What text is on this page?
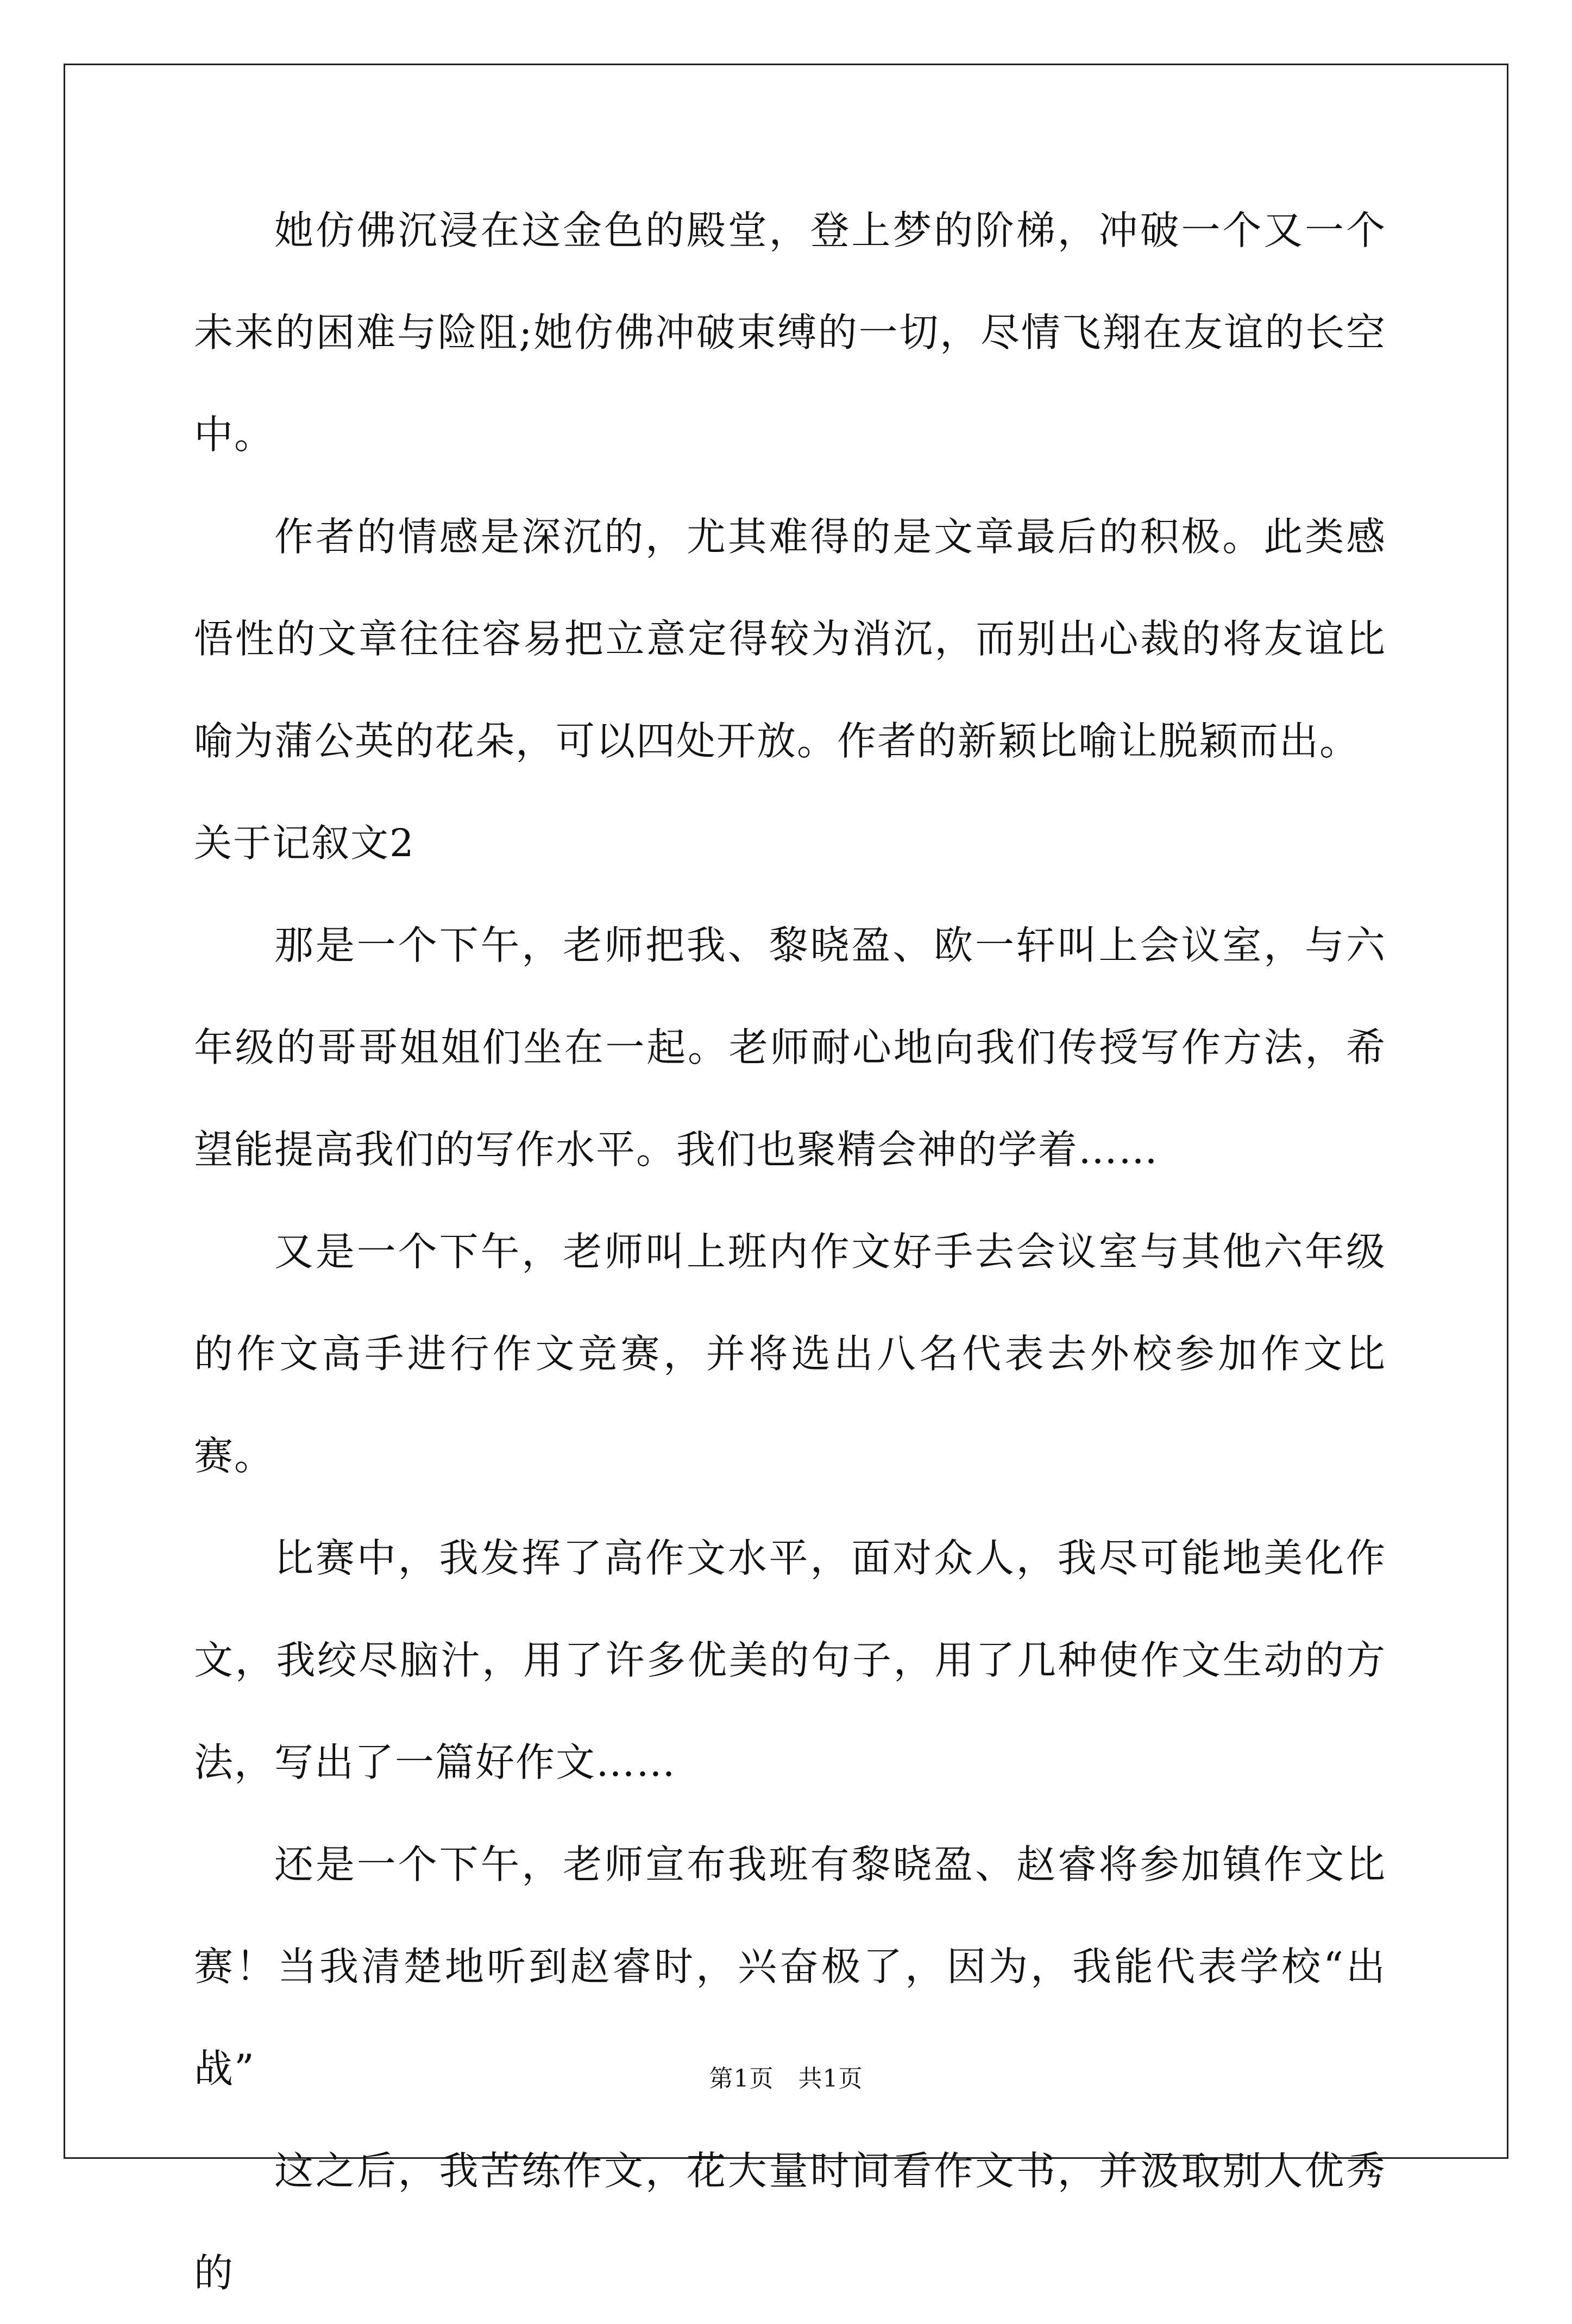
她仿佛沉浸在这金色的殿堂，登上梦的阶梯，冲破一个又一个未来的困难与险阻;她仿佛冲破束缚的一切，尽情飞翔在友谊的长空中。

作者的情感是深沉的，尤其难得的是文章最后的积极。此类感悟性的文章往往容易把立意定得较为消沉，而别出心裁的将友谊比喻为蒲公英的花朵，可以四处开放。作者的新颖比喻让脱颖而出。

关于记叙文2

那是一个下午，老师把我、黎晓盈、欧一轩叫上会议室，与六年级的哥哥姐姐们坐在一起。老师耐心地向我们传授写作方法，希望能提高我们的写作水平。我们也聚精会神的学着……

又是一个下午，老师叫上班内作文好手去会议室与其他六年级的作文高手进行作文竞赛，并将选出八名代表去外校参加作文比赛。

比赛中，我发挥了高作文水平，面对众人，我尽可能地美化作文，我绞尽脑汁，用了许多优美的句子，用了几种使作文生动的方法，写出了一篇好作文……

还是一个下午，老师宣布我班有黎晓盈、赵睿将参加镇作文比赛！当我清楚地听到赵睿时，兴奋极了，因为，我能代表学校“出战”

这之后，我苦练作文，花大量时间看作文书，并汲取别人优秀的

第1页　共1页
